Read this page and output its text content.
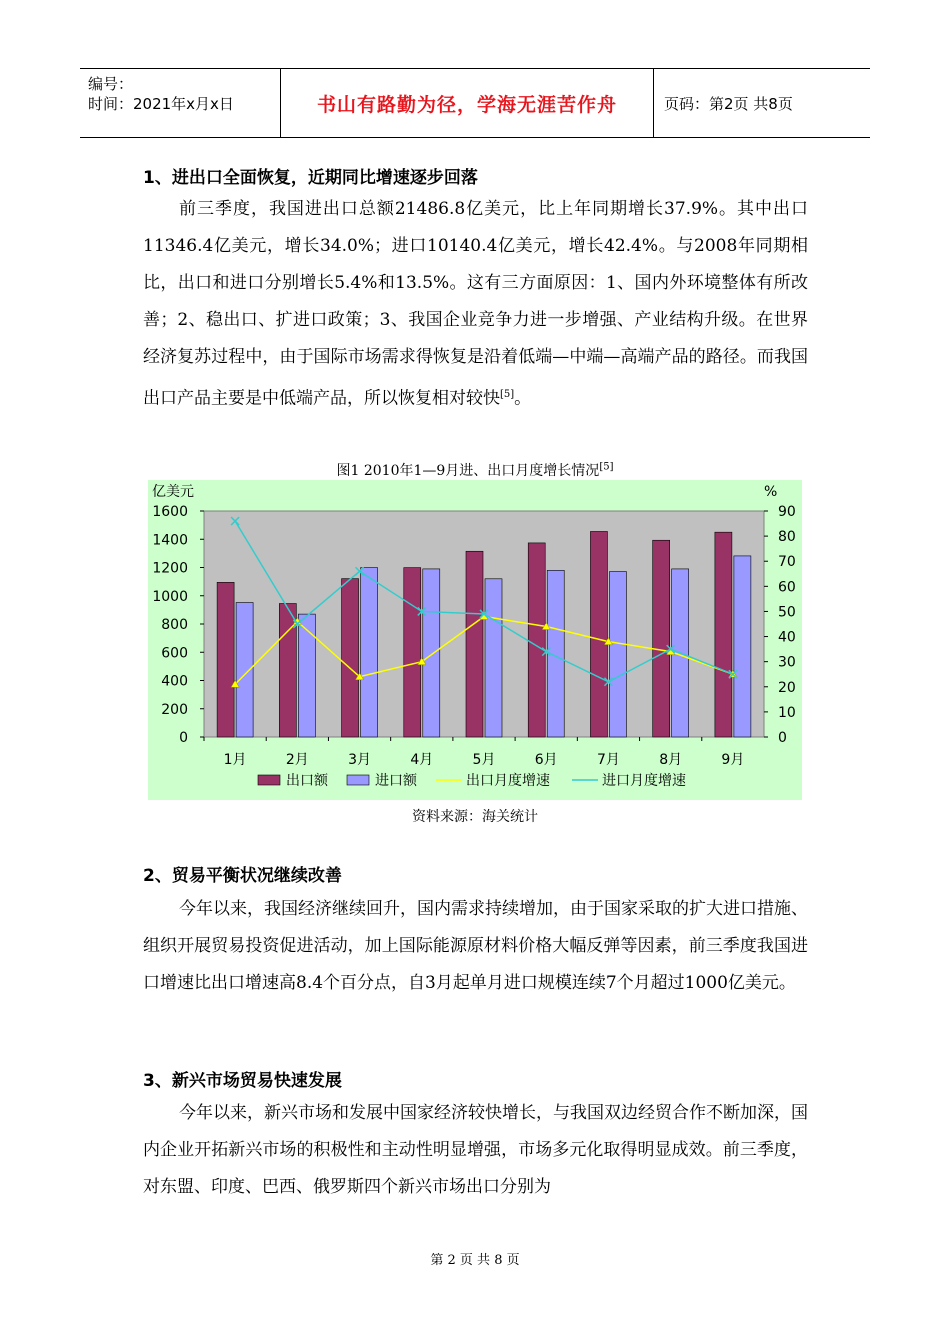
编号：
时间：2021年x月x日	书山有路勤为径，学海无涯苦作舟	页码：第2页 共8页
1、进出口全面恢复，近期同比增速逐步回落

前三季度，我国进出口总额21486.8亿美元，比上年同期增长37.9%。其中出口11346.4亿美元，增长34.0%；进口10140.4亿美元，增长42.4%。与2008年同期相比，出口和进口分别增长5.4%和13.5%。这有三方面原因：1、国内外环境整体有所改善；2、稳出口、扩进口政策；3、我国企业竞争力进一步增强、产业结构升级。在世界经济复苏过程中，由于国际市场需求得恢复是沿着低端—中端—高端产品的路径。而我国出口产品主要是中低端产品，所以恢复相对较快[5]。

图1 2010年1—9月进、出口月度增长情况[5]
亿美元	%
0
200
400
600
800
1000
1200
1400
1600
0
10
20
30
40
50
60
70
80
90
1月	2月	3月	4月	5月	6月	7月	8月	9月
出口额	进口额	出口月度增速	进口月度增速
资料来源：海关统计
2、贸易平衡状况继续改善

今年以来，我国经济继续回升，国内需求持续增加，由于国家采取的扩大进口措施、组织开展贸易投资促进活动，加上国际能源原材料价格大幅反弹等因素，前三季度我国进口增速比出口增速高8.4个百分点，自3月起单月进口规模连续7个月超过1000亿美元。

3、新兴市场贸易快速发展

今年以来，新兴市场和发展中国家经济较快增长，与我国双边经贸合作不断加深，国内企业开拓新兴市场的积极性和主动性明显增强，市场多元化取得明显成效。前三季度，对东盟、印度、巴西、俄罗斯四个新兴市场出口分别为

第 2 页 共 8 页
